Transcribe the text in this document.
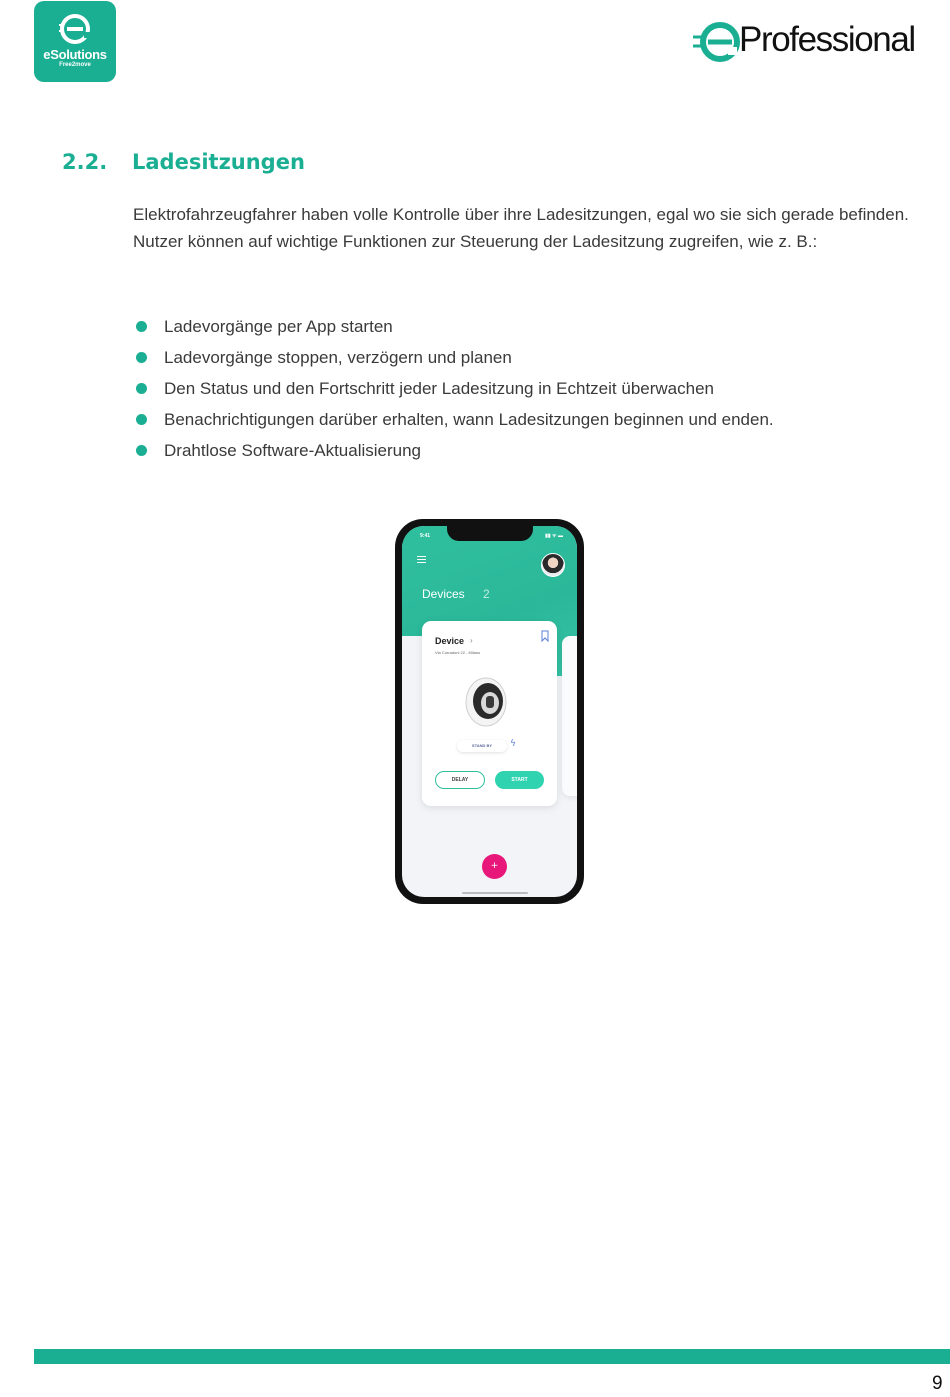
eSolutions
Free2move
Professional
2.2. Ladesitzungen

Elektrofahrzeugfahrer haben volle Kontrolle über ihre Ladesitzungen, egal wo sie sich gerade befinden. Nutzer können auf wichtige Funktionen zur Steuerung der Ladesitzung zugreifen, wie z. B.:

Ladevorgänge per App starten
Ladevorgänge stoppen, verzögern und planen
Den Status und den Fortschritt jeder Ladesitzung in Echtzeit überwachen
Benachrichtigungen darüber erhalten, wann Ladesitzungen beginnen und enden.
Drahtlose Software-Aktualisierung
9:41	▮▮ ᯤ ▬
Devices 2
Device ›
Via Corradoni 22 - Milano
STAND BY	ϟ
DELAY	START
+
9
